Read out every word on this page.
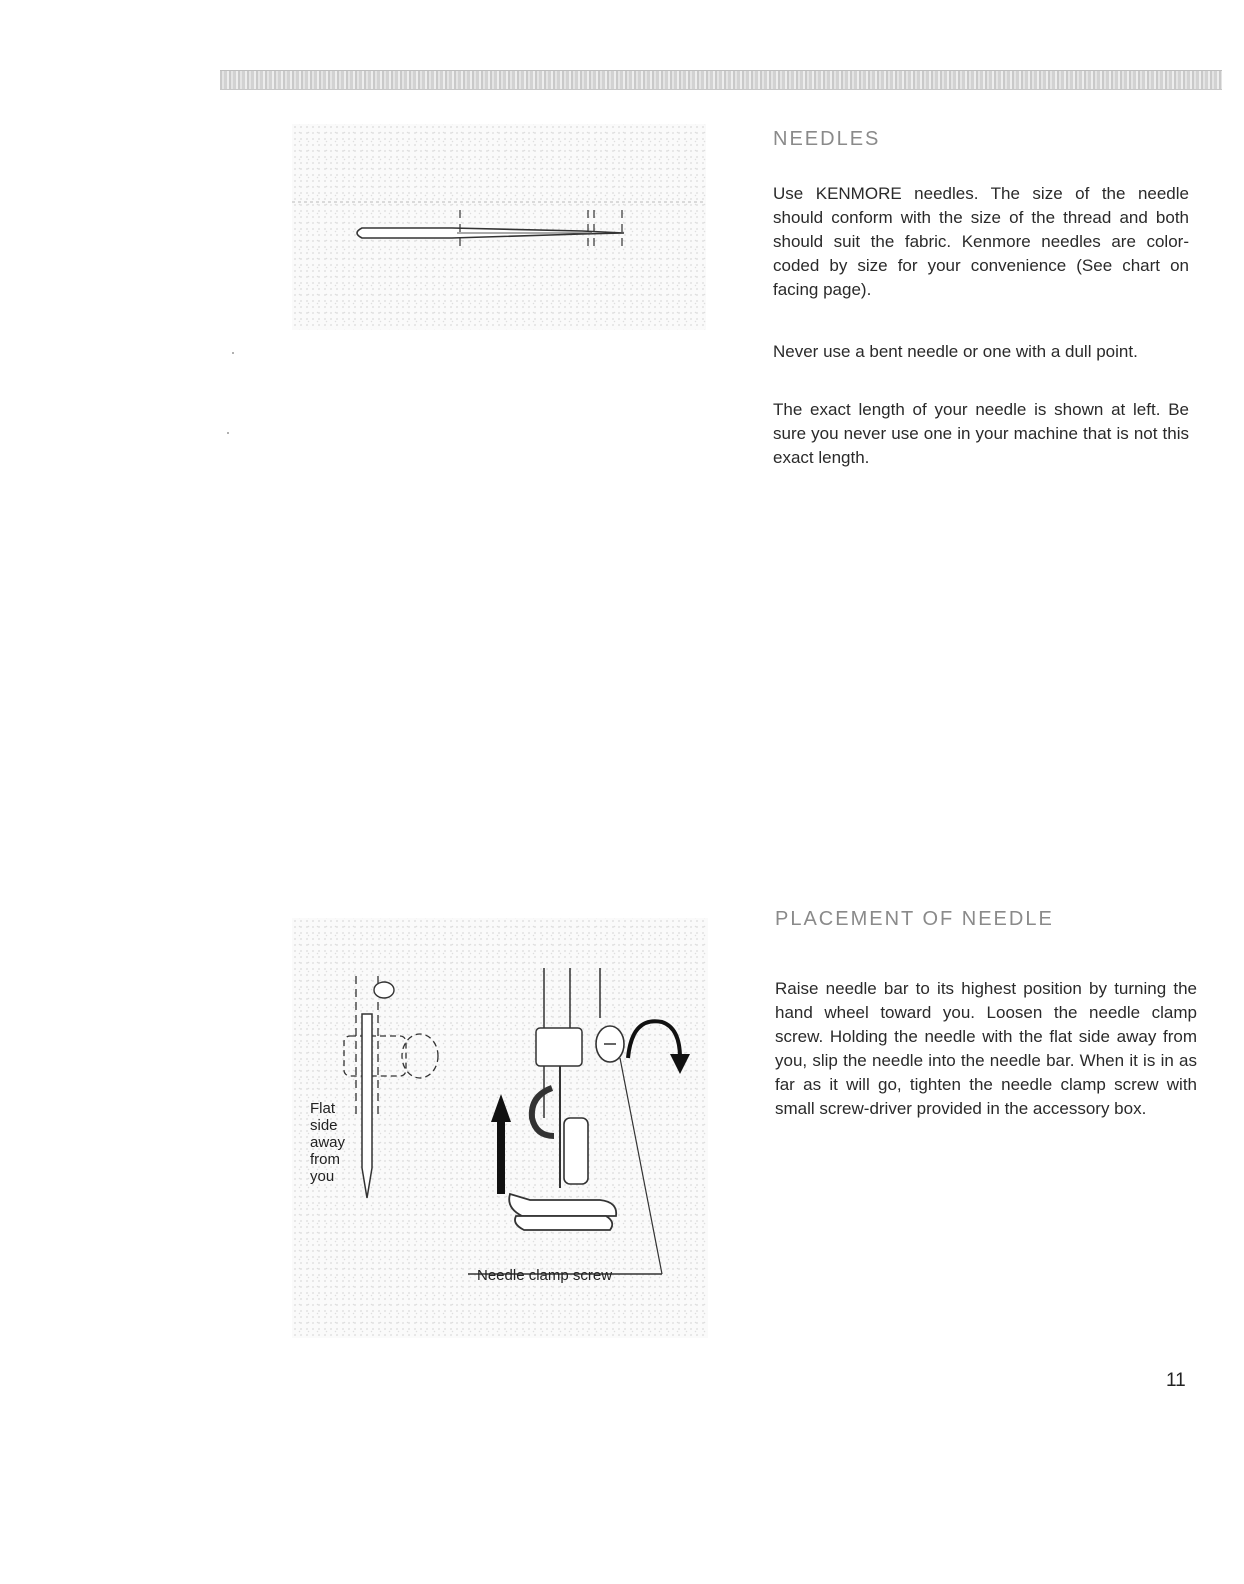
NEEDLES

Use KENMORE needles. The size of the needle should conform with the size of the thread and both should suit the fabric. Kenmore needles are color-coded by size for your convenience (See chart on facing page).

Never use a bent needle or one with a dull point.

The exact length of your needle is shown at left. Be sure you never use one in your machine that is not this exact length.

Flat
side
away
from
you
Needle clamp screw
PLACEMENT OF NEEDLE

Raise needle bar to its highest position by turning the hand wheel toward you. Loosen the needle clamp screw. Holding the needle with the flat side away from you, slip the needle into the needle bar. When it is in as far as it will go, tighten the needle clamp screw with small screw-driver provided in the accessory box.

11
